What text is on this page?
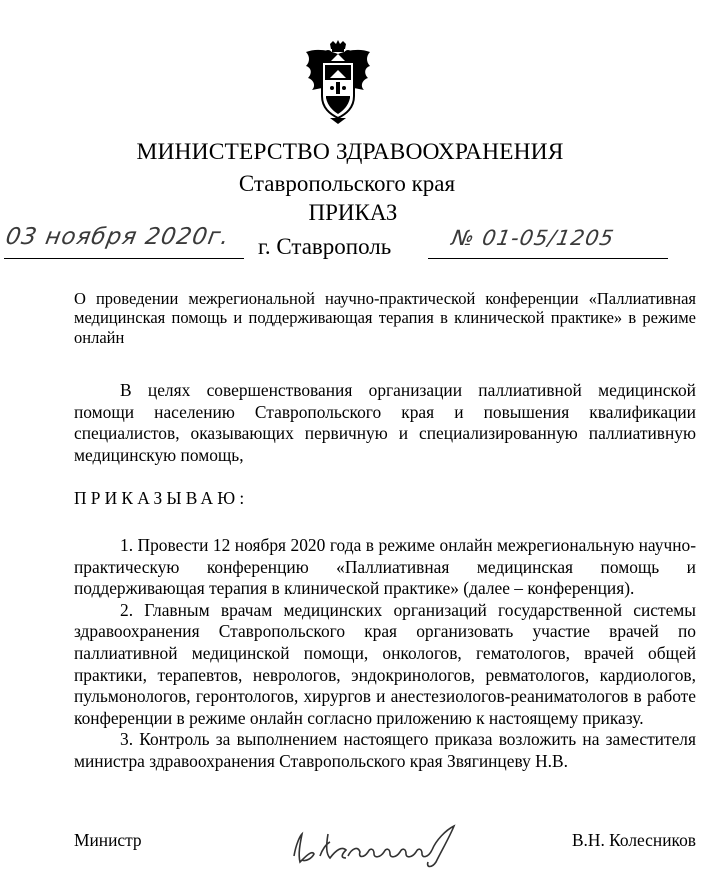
МИНИСТЕРСТВО ЗДРАВООХРАНЕНИЯ
Ставропольского края
ПРИКАЗ
03 ноября 2020г. г. Ставрополь	№ 01-05/1205
О проведении межрегиональной научно-практической конференции «Паллиативная медицинская помощь и поддерживающая терапия в клинической практике» в режиме онлайн
В целях совершенствования организации паллиативной медицинской помощи населению Ставропольского края и повышения квалификации специалистов, оказывающих первичную и специализированную паллиативную медицинскую помощь,
ПРИКАЗЫВАЮ:

1. Провести 12 ноября 2020 года в режиме онлайн межрегиональную научно-практическую конференцию «Паллиативная медицинская помощь и поддерживающая терапия в клинической практике» (далее – конференция).

2. Главным врачам медицинских организаций государственной системы здравоохранения Ставропольского края организовать участие врачей по паллиативной медицинской помощи, онкологов, гематологов, врачей общей практики, терапевтов, неврологов, эндокринологов, ревматологов, кардиологов, пульмонологов, геронтологов, хирургов и анестезиологов-реаниматологов в работе конференции в режиме онлайн согласно приложению к настоящему приказу.

3. Контроль за выполнением настоящего приказа возложить на заместителя министра здравоохранения Ставропольского края Звягинцеву Н.В.

Министр	В.Н. Колесников
